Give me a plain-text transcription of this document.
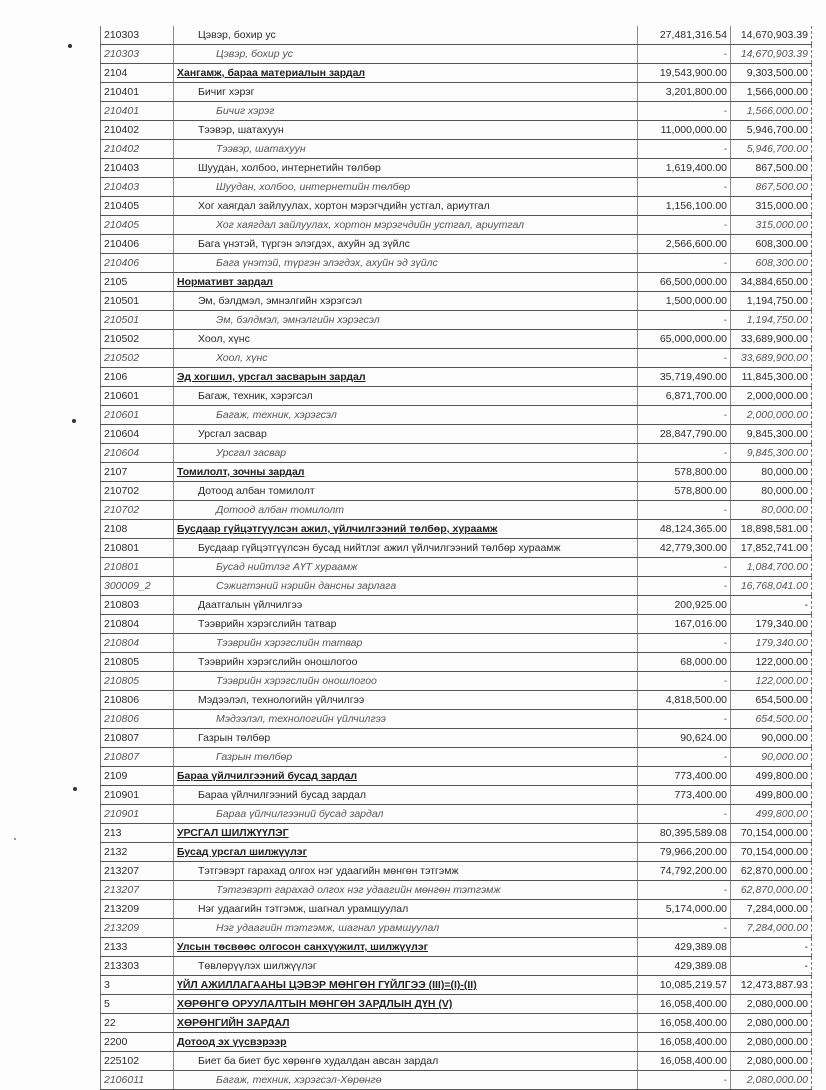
210303	Цэвэр, бохир ус	27,481,316.54	14,670,903.39
210303	Цэвэр, бохир ус	-	14,670,903.39
2104	Хангамж, бараа материалын зардал	19,543,900.00	9,303,500.00
210401	Бичиг хэрэг	3,201,800.00	1,566,000.00
210401	Бичиг хэрэг	-	1,566,000.00
210402	Тээвэр, шатахуун	11,000,000.00	5,946,700.00
210402	Тээвэр, шатахуун	-	5,946,700.00
210403	Шуудан, холбоо, интернетийн төлбөр	1,619,400.00	867,500.00
210403	Шуудан, холбоо, интернетийн төлбөр	-	867,500.00
210405	Хог хаягдал зайлуулах, хортон мэрэгчдийн устгал, ариутгал	1,156,100.00	315,000.00
210405	Хог хаягдал зайлуулах, хортон мэрэгчдийн устгал, ариутгал	-	315,000.00
210406	Бага үнэтэй, түргэн элэгдэх, ахуйн эд зүйлс	2,566,600.00	608,300.00
210406	Бага үнэтэй, түргэн элэгдэх, ахуйн эд зүйлс	-	608,300.00
2105	Нормативт зардал	66,500,000.00	34,884,650.00
210501	Эм, бэлдмэл, эмнэлгийн хэрэгсэл	1,500,000.00	1,194,750.00
210501	Эм, бэлдмэл, эмнэлгийн хэрэгсэл	-	1,194,750.00
210502	Хоол, хүнс	65,000,000.00	33,689,900.00
210502	Хоол, хүнс	-	33,689,900.00
2106	Эд хогшил, урсгал засварын зардал	35,719,490.00	11,845,300.00
210601	Багаж, техник, хэрэгсэл	6,871,700.00	2,000,000.00
210601	Багаж, техник, хэрэгсэл	-	2,000,000.00
210604	Урсгал засвар	28,847,790.00	9,845,300.00
210604	Урсгал засвар	-	9,845,300.00
2107	Томилолт, зочны зардал	578,800.00	80,000.00
210702	Дотоод албан томилолт	578,800.00	80,000.00
210702	Дотоод албан томилолт	-	80,000.00
2108	Бусдаар гүйцэтгүүлсэн ажил, үйлчилгээний төлбөр, хураамж	48,124,365.00	18,898,581.00
210801	Бусдаар гүйцэтгүүлсэн бусад нийтлэг ажил үйлчилгээний төлбөр хураамж	42,779,300.00	17,852,741.00
210801	Бусад нийтлэг АҮТ хураамж	-	1,084,700.00
300009_2	Сэжигтэний нэрийн дансны зарлага	-	16,768,041.00
210803	Даатгалын үйлчилгээ	200,925.00	-
210804	Тээврийн хэрэгслийн татвар	167,016.00	179,340.00
210804	Тээврийн хэрэгслийн татвар	-	179,340.00
210805	Тээврийн хэрэгслийн оношлогоо	68,000.00	122,000.00
210805	Тээврийн хэрэгслийн оношлогоо	-	122,000.00
210806	Мэдээлэл, технологийн үйлчилгээ	4,818,500.00	654,500.00
210806	Мэдээлэл, технологийн үйлчилгээ	-	654,500.00
210807	Газрын төлбөр	90,624.00	90,000.00
210807	Газрын төлбөр	-	90,000.00
2109	Бараа үйлчилгээний бусад зардал	773,400.00	499,800.00
210901	Бараа үйлчилгээний бусад зардал	773,400.00	499,800.00
210901	Бараа үйлчилгээний бусад зардал	-	499,800.00
213	УРСГАЛ ШИЛЖҮҮЛЭГ	80,395,589.08	70,154,000.00
2132	Бусад урсгал шилжүүлэг	79,966,200.00	70,154,000.00
213207	Тэтгэвэрт гарахад олгох нэг удаагийн мөнгөн тэтгэмж	74,792,200.00	62,870,000.00
213207	Тэтгэвэрт гарахад олгох нэг удаагийн мөнгөн тэтгэмж	-	62,870,000.00
213209	Нэг удаагийн тэтгэмж, шагнал урамшуулал	5,174,000.00	7,284,000.00
213209	Нэг удаагийн тэтгэмж, шагнал урамшуулал	-	7,284,000.00
2133	Улсын төсвөөс олгосон санхүүжилт, шилжүүлэг	429,389.08	-
213303	Төвлөрүүлэх шилжүүлэг	429,389.08	-
3	ҮЙЛ АЖИЛЛАГААНЫ ЦЭВЭР МӨНГӨН ГҮЙЛГЭЭ (III)=(I)-(II)	10,085,219.57	12,473,887.93
5	ХӨРӨНГӨ ОРУУЛАЛТЫН МӨНГӨН ЗАРДЛЫН ДҮН (V)	16,058,400.00	2,080,000.00
22	ХӨРӨНГИЙН ЗАРДАЛ	16,058,400.00	2,080,000.00
2200	Дотоод эх үүсвэрээр	16,058,400.00	2,080,000.00
225102	Биет ба биет бус хөрөнгө худалдан авсан зардал	16,058,400.00	2,080,000.00
2106011	Багаж, техник, хэрэгсэл-Хөрөнгө	-	2,080,000.00
